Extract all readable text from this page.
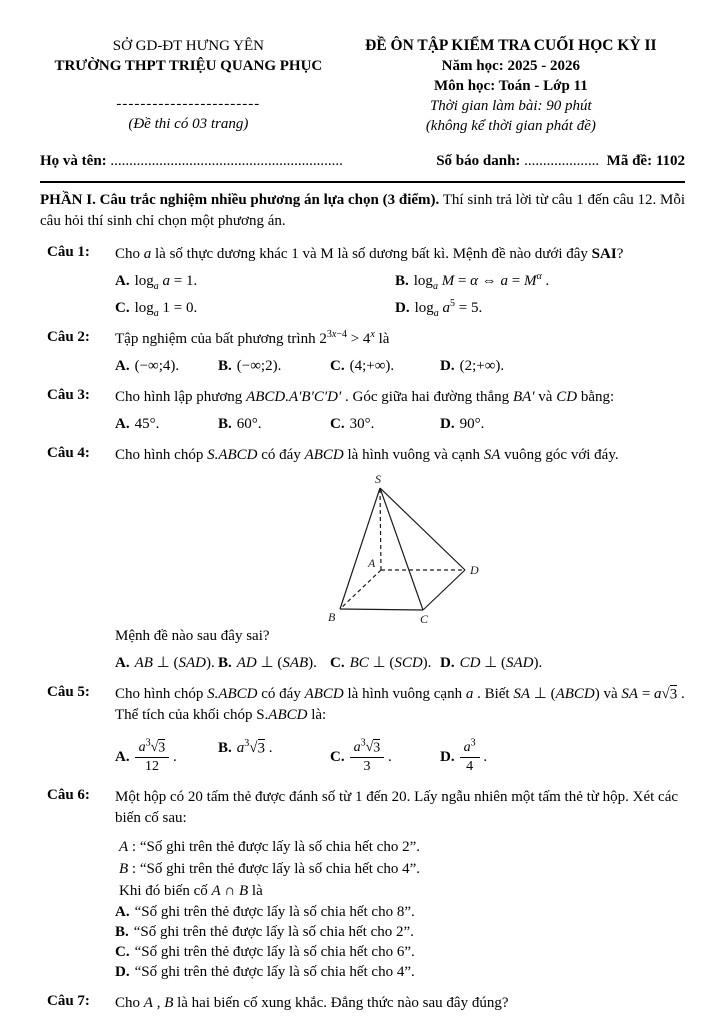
SỞ GD-ĐT HƯNG YÊN
TRƯỜNG THPT TRIỆU QUANG PHỤC
------------------------
(Đề thi có 03 trang)
ĐỀ ÔN TẬP KIỂM TRA CUỐI HỌC KỲ II
Năm học: 2025 - 2026
Môn học: Toán - Lớp 11
Thời gian làm bài: 90 phút
(không kể thời gian phát đề)
Họ và tên: ..............................................................	Số báo danh: .................... Mã đề: 1102
PHẦN I. Câu trắc nghiệm nhiều phương án lựa chọn (3 điểm). Thí sinh trả lời từ câu 1 đến câu 12. Mỗi câu hỏi thí sinh chỉ chọn một phương án.
Câu 1:	Cho a là số thực dương khác 1 và M là số dương bất kì. Mệnh đề nào dưới đây SAI?
A. $\log_a a = 1$.	B. $\log_a M = \alpha$ ⇔ $a = M^\alpha$ .
C. $\log_a 1 = 0$.	D. $\log_a a^5 = 5$.
Câu 2:	Tập nghiệm của bất phương trình $2^{3x-4} > 4^x$ là
A. (−∞;4).	B. (−∞;2).	C. (4;+∞).	D. (2;+∞).
Câu 3:	Cho hình lập phương ABCD.A′B′C′D′ . Góc giữa hai đường thẳng BA′ và CD bằng:
A. 45°.	B. 60°.	C. 30°.	D. 90°.
Câu 4:	Cho hình chóp S.ABCD có đáy ABCD là hình vuông và cạnh SA vuông góc với đáy.
S
A
B	C
D
Mệnh đề nào sau đây sai?
A. AB ⊥ (SAD). B. AD ⊥ (SAB). C. BC ⊥ (SCD). D. CD ⊥ (SAD).
Câu 5:	Cho hình chóp S.ABCD có đáy ABCD là hình vuông cạnh a . Biết SA ⊥ (ABCD) và SA = a√3 . Thể tích của khối chóp S.ABCD là:
A. $\frac{a^3√3}{12}$ .
B. $a^3√3$ .
C. $\frac{a^3√3}{3}$ .	D. $\frac{a^3}{4}$ .
Câu 6:	Một hộp có 20 tấm thẻ được đánh số từ 1 đến 20. Lấy ngẫu nhiên một tấm thẻ từ hộp. Xét các biến cố sau:
A : “Số ghi trên thẻ được lấy là số chia hết cho 2”.
B : “Số ghi trên thẻ được lấy là số chia hết cho 4”.
Khi đó biến cố A ∩ B là
A. “Số ghi trên thẻ được lấy là số chia hết cho 8”.
B. “Số ghi trên thẻ được lấy là số chia hết cho 2”.
C. “Số ghi trên thẻ được lấy là số chia hết cho 6”.
D. “Số ghi trên thẻ được lấy là số chia hết cho 4”.
Câu 7:	Cho A , B là hai biến cố xung khắc. Đẳng thức nào sau đây đúng?
